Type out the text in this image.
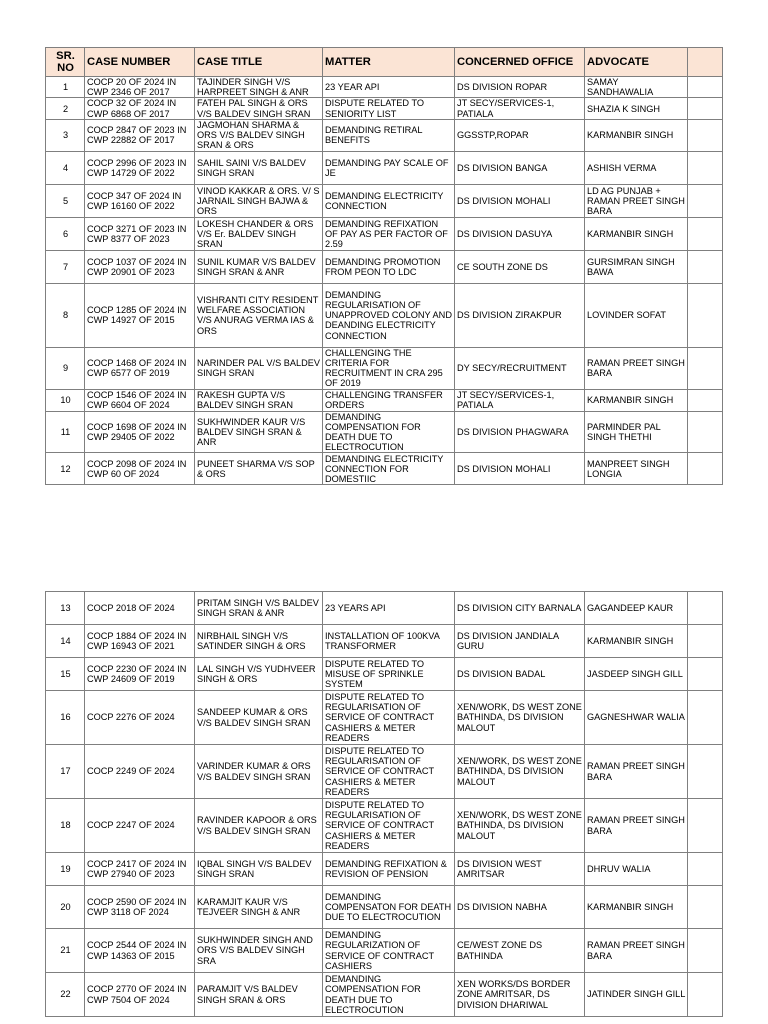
SR. NO	CASE NUMBER	CASE TITLE	MATTER	CONCERNED OFFICE	ADVOCATE	
1	COCP 20 OF 2024 IN CWP 2346 OF 2017	TAJINDER SINGH V/S HARPREET SINGH & ANR	23 YEAR API	DS DIVISION ROPAR	SAMAY SANDHAWALIA	
2	COCP 32 OF 2024 IN CWP 6868 OF 2017	FATEH PAL SINGH & ORS V/S BALDEV SINGH SRAN	DISPUTE RELATED TO SENIORITY LIST	JT SECY/SERVICES-1, PATIALA	SHAZIA K SINGH	
3	COCP 2847 OF 2023 IN CWP 22882 OF 2017	JAGMOHAN SHARMA & ORS V/S BALDEV SINGH SRAN & ORS	DEMANDING RETIRAL BENEFITS	GGSSTP,ROPAR	KARMANBIR SINGH	
4	COCP 2996 OF 2023 IN CWP 14729 OF 2022	SAHIL SAINI V/S BALDEV SINGH SRAN	DEMANDING PAY SCALE OF JE	DS DIVISION BANGA	ASHISH VERMA	
5	COCP 347 OF 2024 IN CWP 16160 OF 2022	VINOD KAKKAR & ORS. V/ S JARNAIL SINGH BAJWA & ORS	DEMANDING ELECTRICITY CONNECTION	DS DIVISION MOHALI	LD AG PUNJAB + RAMAN PREET SINGH BARA	
6	COCP 3271 OF 2023 IN CWP 8377 OF 2023	LOKESH CHANDER & ORS V/S Er. BALDEV SINGH SRAN	DEMANDING REFIXATION OF PAY AS PER FACTOR OF 2.59	DS DIVISION DASUYA	KARMANBIR SINGH	
7	COCP 1037 OF 2024 IN CWP 20901 OF 2023	SUNIL KUMAR V/S BALDEV SINGH SRAN & ANR	DEMANDING PROMOTION FROM PEON TO LDC	CE SOUTH ZONE DS	GURSIMRAN SINGH BAWA	
8	COCP 1285 OF 2024 IN CWP 14927 OF 2015	VISHRANTI CITY RESIDENT WELFARE ASSOCIATION V/S ANURAG VERMA IAS & ORS	DEMANDING REGULARISATION OF UNAPPROVED COLONY AND DEANDING ELECTRICITY CONNECTION	DS DIVISION ZIRAKPUR	LOVINDER SOFAT	
9	COCP 1468 OF 2024 IN CWP 6577 OF 2019	NARINDER PAL V/S BALDEV SINGH SRAN	CHALLENGING THE CRITERIA FOR RECRUITMENT IN CRA 295 OF 2019	DY SECY/RECRUITMENT	RAMAN PREET SINGH BARA	
10	COCP 1546 OF 2024 IN CWP 6604 OF 2024	RAKESH GUPTA V/S BALDEV SINGH SRAN	CHALLENGING TRANSFER ORDERS	JT SECY/SERVICES-1, PATIALA	KARMANBIR SINGH	
11	COCP 1698 OF 2024 IN CWP 29405 OF 2022	SUKHWINDER KAUR V/S BALDEV SINGH SRAN & ANR	DEMANDING COMPENSATION FOR DEATH DUE TO ELECTROCUTION	DS DIVISION PHAGWARA	PARMINDER PAL SINGH THETHI	
12	COCP 2098 OF 2024 IN CWP 60 OF 2024	PUNEET SHARMA V/S SOP & ORS	DEMANDING ELECTRICITY CONNECTION FOR DOMESTIIC	DS DIVISION MOHALI	MANPREET SINGH LONGIA	
13	COCP 2018 OF 2024	PRITAM SINGH V/S BALDEV SINGH SRAN & ANR	23 YEARS API	DS DIVISION CITY BARNALA	GAGANDEEP KAUR	
14	COCP 1884 OF 2024 IN CWP 16943 OF 2021	NIRBHAIL SINGH V/S SATINDER SINGH & ORS	INSTALLATION OF 100KVA TRANSFORMER	DS DIVISION JANDIALA GURU	KARMANBIR SINGH	
15	COCP 2230 OF 2024 IN CWP 24609 OF 2019	LAL SINGH V/S YUDHVEER SINGH & ORS	DISPUTE RELATED TO MISUSE OF SPRINKLE SYSTEM	DS DIVISION BADAL	JASDEEP SINGH GILL	
16	COCP 2276 OF 2024	SANDEEP KUMAR & ORS V/S BALDEV SINGH SRAN	DISPUTE RELATED TO REGULARISATION OF SERVICE OF CONTRACT CASHIERS & METER READERS	XEN/WORK, DS WEST ZONE BATHINDA, DS DIVISION MALOUT	GAGNESHWAR WALIA	
17	COCP 2249 OF 2024	VARINDER KUMAR & ORS V/S BALDEV SINGH SRAN	DISPUTE RELATED TO REGULARISATION OF SERVICE OF CONTRACT CASHIERS & METER READERS	XEN/WORK, DS WEST ZONE BATHINDA, DS DIVISION MALOUT	RAMAN PREET SINGH BARA	
18	COCP 2247 OF 2024	RAVINDER KAPOOR & ORS V/S BALDEV SINGH SRAN	DISPUTE RELATED TO REGULARISATION OF SERVICE OF CONTRACT CASHIERS & METER READERS	XEN/WORK, DS WEST ZONE BATHINDA, DS DIVISION MALOUT	RAMAN PREET SINGH BARA	
19	COCP 2417 OF 2024 IN CWP 27940 OF 2023	IQBAL SINGH V/S BALDEV SINGH SRAN	DEMANDING REFIXATION & REVISION OF PENSION	DS DIVISION WEST AMRITSAR	DHRUV WALIA	
20	COCP 2590 OF 2024 IN CWP 3118 OF 2024	KARAMJIT KAUR V/S TEJVEER SINGH & ANR	DEMANDING COMPENSATON FOR DEATH DUE TO ELECTROCUTION	DS DIVISION NABHA	KARMANBIR SINGH	
21	COCP 2544 OF 2024 IN CWP 14363 OF 2015	SUKHWINDER SINGH AND ORS V/S BALDEV SINGH SRA	DEMANDING REGULARIZATION OF SERVICE OF CONTRACT CASHIERS	CE/WEST ZONE DS BATHINDA	RAMAN PREET SINGH BARA	
22	COCP 2770 OF 2024 IN CWP 7504 OF 2024	PARAMJIT V/S BALDEV SINGH SRAN & ORS	DEMANDING COMPENSATION FOR DEATH DUE TO ELECTROCUTION	XEN WORKS/DS BORDER ZONE AMRITSAR, DS DIVISION DHARIWAL	JATINDER SINGH GILL	
